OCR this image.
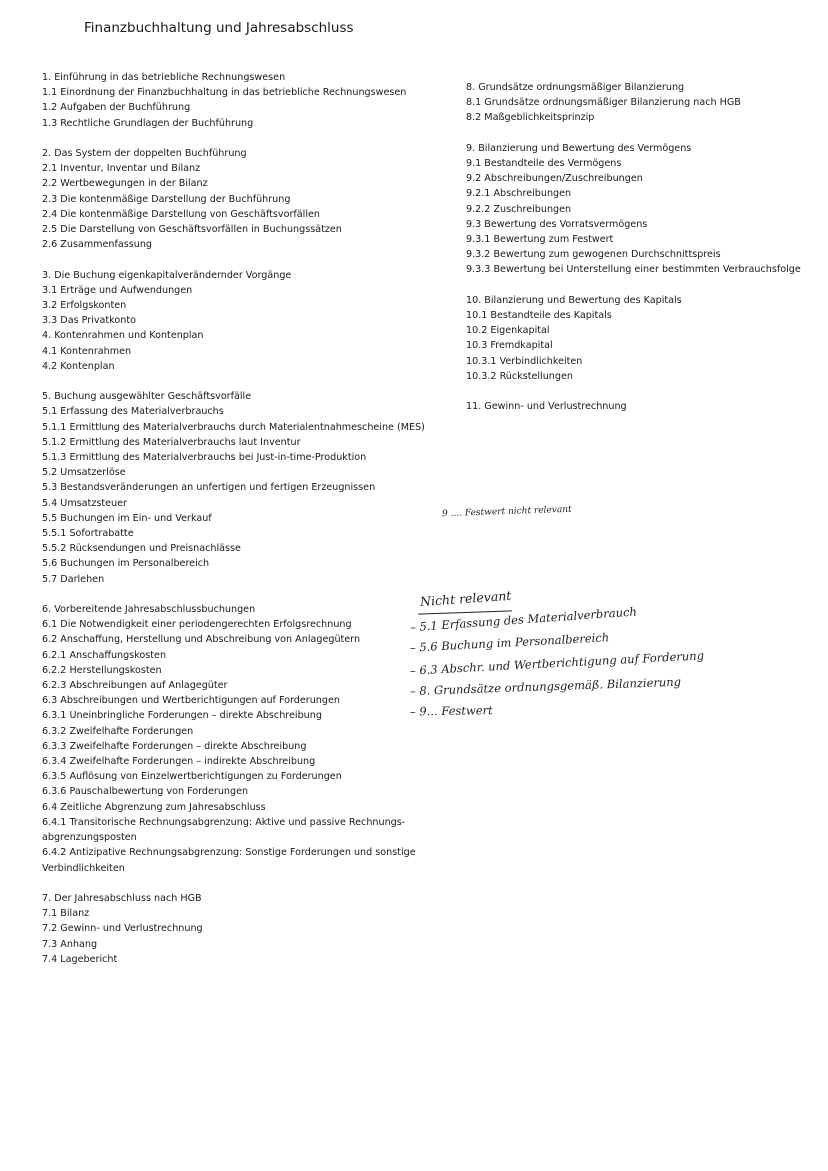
Finanzbuchhaltung und Jahresabschluss
1. Einführung in das betriebliche Rechnungswesen
1.1 Einordnung der Finanzbuchhaltung in das betriebliche Rechnungswesen
1.2 Aufgaben der Buchführung
1.3 Rechtliche Grundlagen der Buchführung
2. Das System der doppelten Buchführung
2.1 Inventur, Inventar und Bilanz
2.2 Wertbewegungen in der Bilanz
2.3 Die kontenmäßige Darstellung der Buchführung
2.4 Die kontenmäßige Darstellung von Geschäftsvorfällen
2.5 Die Darstellung von Geschäftsvorfällen in Buchungssätzen
2.6 Zusammenfassung
3. Die Buchung eigenkapitalverändernder Vorgänge
3.1 Erträge und Aufwendungen
3.2 Erfolgskonten
3.3 Das Privatkonto
4. Kontenrahmen und Kontenplan
4.1 Kontenrahmen
4.2 Kontenplan
5. Buchung ausgewählter Geschäftsvorfälle
5.1 Erfassung des Materialverbrauchs
5.1.1 Ermittlung des Materialverbrauchs durch Materialentnahmescheine (MES)
5.1.2 Ermittlung des Materialverbrauchs laut Inventur
5.1.3 Ermittlung des Materialverbrauchs bei Just-in-time-Produktion
5.2 Umsatzerlöse
5.3 Bestandsveränderungen an unfertigen und fertigen Erzeugnissen
5.4 Umsatzsteuer
5.5 Buchungen im Ein- und Verkauf
5.5.1 Sofortrabatte
5.5.2 Rücksendungen und Preisnachlässe
5.6 Buchungen im Personalbereich
5.7 Darlehen
6. Vorbereitende Jahresabschlussbuchungen
6.1 Die Notwendigkeit einer periodengerechten Erfolgsrechnung
6.2 Anschaffung, Herstellung und Abschreibung von Anlagegütern
6.2.1 Anschaffungskosten
6.2.2 Herstellungskosten
6.2.3 Abschreibungen auf Anlagegüter
6.3 Abschreibungen und Wertberichtigungen auf Forderungen
6.3.1 Uneinbringliche Forderungen – direkte Abschreibung
6.3.2 Zweifelhafte Forderungen
6.3.3 Zweifelhafte Forderungen – direkte Abschreibung
6.3.4 Zweifelhafte Forderungen – indirekte Abschreibung
6.3.5 Auflösung von Einzelwertberichtigungen zu Forderungen
6.3.6 Pauschalbewertung von Forderungen
6.4 Zeitliche Abgrenzung zum Jahresabschluss
6.4.1 Transitorische Rechnungsabgrenzung: Aktive und passive Rechnungs-
abgrenzungsposten
6.4.2 Antizipative Rechnungsabgrenzung: Sonstige Forderungen und sonstige
Verbindlichkeiten
7. Der Jahresabschluss nach HGB
7.1 Bilanz
7.2 Gewinn- und Verlustrechnung
7.3 Anhang
7.4 Lagebericht
8. Grundsätze ordnungsmäßiger Bilanzierung
8.1 Grundsätze ordnungsmäßiger Bilanzierung nach HGB
8.2 Maßgeblichkeitsprinzip
9. Bilanzierung und Bewertung des Vermögens
9.1 Bestandteile des Vermögens
9.2 Abschreibungen/Zuschreibungen
9.2.1 Abschreibungen
9.2.2 Zuschreibungen
9.3 Bewertung des Vorratsvermögens
9.3.1 Bewertung zum Festwert
9.3.2 Bewertung zum gewogenen Durchschnittspreis
9.3.3 Bewertung bei Unterstellung einer bestimmten Verbrauchsfolge
10. Bilanzierung und Bewertung des Kapitals
10.1 Bestandteile des Kapitals
10.2 Eigenkapital
10.3 Fremdkapital
10.3.1 Verbindlichkeiten
10.3.2 Rückstellungen
11. Gewinn- und Verlustrechnung
9 .... Festwert nicht relevant
Nicht relevant
– 5.1 Erfassung des Materialverbrauch
– 5.6 Buchung im Personalbereich
– 6.3 Abschr. und Wertberichtigung auf Forderung
– 8. Grundsätze ordnungsgemäß. Bilanzierung
– 9... Festwert
